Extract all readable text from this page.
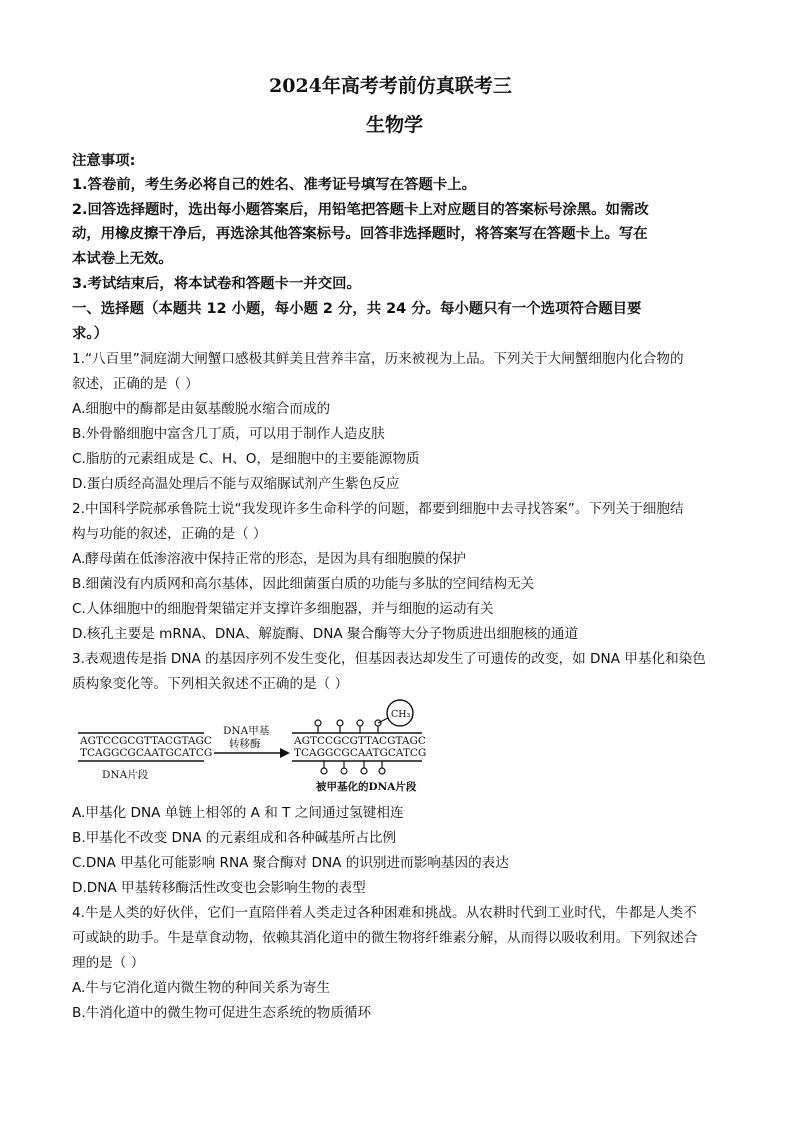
2024年高考考前仿真联考三
生物学
注意事项:
1.答卷前，考生务必将自己的姓名、准考证号填写在答题卡上。
2.回答选择题时，选出每小题答案后，用铅笔把答题卡上对应题目的答案标号涂黑。如需改
动，用橡皮擦干净后，再选涂其他答案标号。回答非选择题时，将答案写在答题卡上。写在
本试卷上无效。
3.考试结束后，将本试卷和答题卡一并交回。
一、选择题（本题共 12 小题，每小题 2 分，共 24 分。每小题只有一个选项符合题目要
求。）
1.“八百里”洞庭湖大闸蟹口感极其鲜美且营养丰富，历来被视为上品。下列关于大闸蟹细胞内化合物的
叙述，正确的是（ ）
A.细胞中的酶都是由氨基酸脱水缩合而成的
B.外骨骼细胞中富含几丁质，可以用于制作人造皮肤
C.脂肪的元素组成是 C、H、O，是细胞中的主要能源物质
D.蛋白质经高温处理后不能与双缩脲试剂产生紫色反应
2.中国科学院郝承鲁院士说“我发现许多生命科学的问题，都要到细胞中去寻找答案”。下列关于细胞结
构与功能的叙述，正确的是（ ）
A.酵母菌在低渗溶液中保持正常的形态，是因为具有细胞膜的保护
B.细菌没有内质网和高尔基体，因此细菌蛋白质的功能与多肽的空间结构无关
C.人体细胞中的细胞骨架锚定并支撑许多细胞器，并与细胞的运动有关
D.核孔主要是 mRNA、DNA、解旋酶、DNA 聚合酶等大分子物质进出细胞核的通道
3.表观遗传是指 DNA 的基因序列不发生变化，但基因表达却发生了可遗传的改变，如 DNA 甲基化和染色
质构象变化等。下列相关叙述不正确的是（ ）
AGTCCGCGTTACGTAGC
TCAGGCGCAATGCATCG
DNA片段
DNA甲基
转移酶
CH₃
AGTCCGCGTTACGTAGC
TCAGGCGCAATGCATCG
被甲基化的DNA片段
A.甲基化 DNA 单链上相邻的 A 和 T 之间通过氢键相连
B.甲基化不改变 DNA 的元素组成和各种碱基所占比例
C.DNA 甲基化可能影响 RNA 聚合酶对 DNA 的识别进而影响基因的表达
D.DNA 甲基转移酶活性改变也会影响生物的表型
4.牛是人类的好伙伴，它们一直陪伴着人类走过各种困难和挑战。从农耕时代到工业时代，牛都是人类不
可或缺的助手。牛是草食动物，依赖其消化道中的微生物将纤维素分解，从而得以吸收利用。下列叙述合
理的是（ ）
A.牛与它消化道内微生物的种间关系为寄生
B.牛消化道中的微生物可促进生态系统的物质循环
